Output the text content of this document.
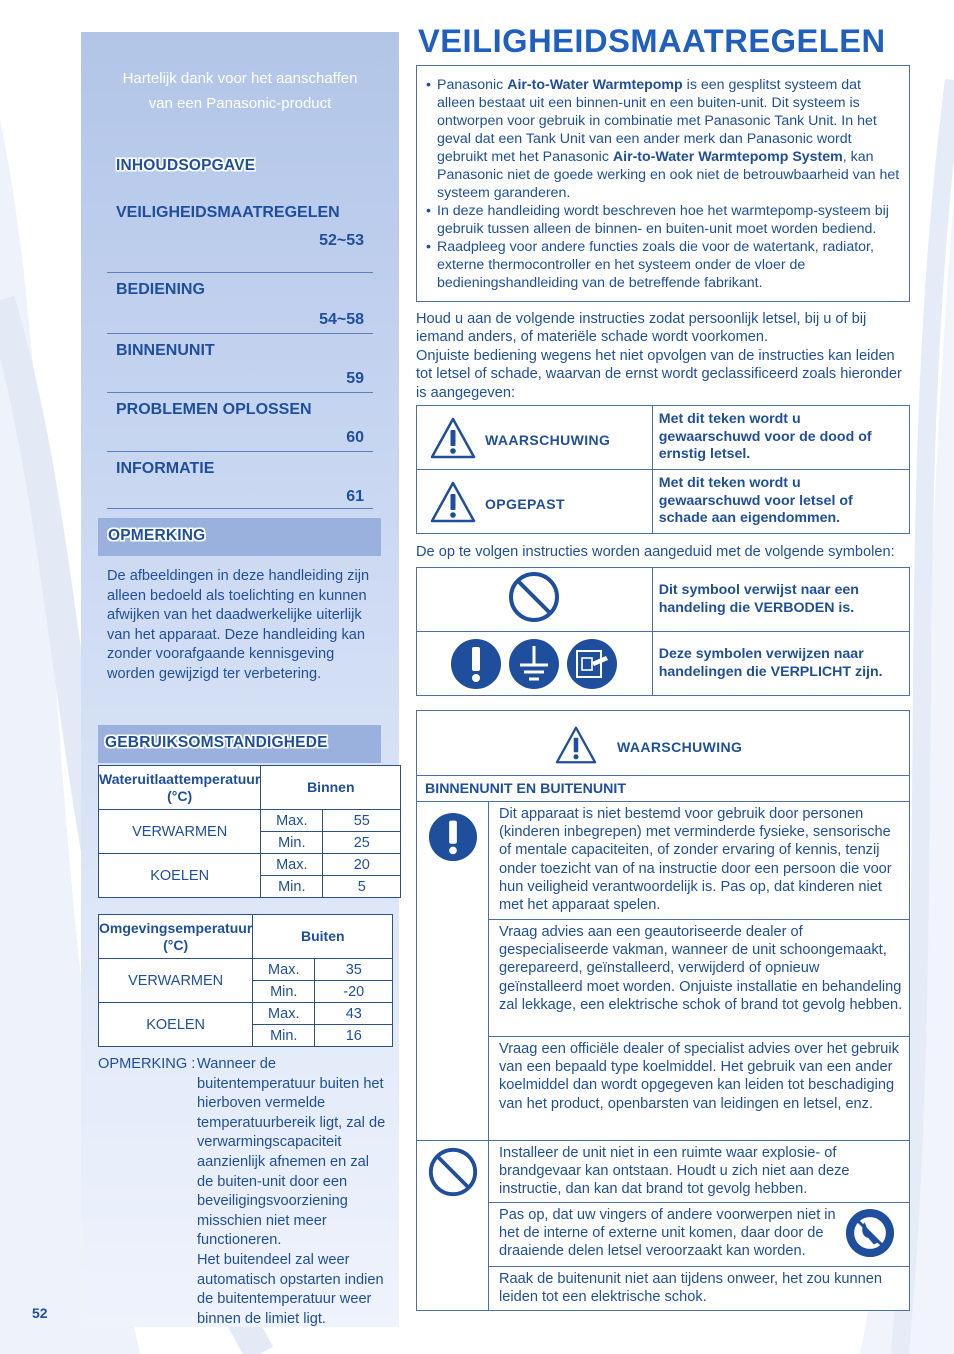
Hartelijk dank voor het aanschaffen
van een Panasonic-product
INHOUDSOPGAVE
VEILIGHEIDSMAATREGELEN
52~53
BEDIENING
54~58
BINNENUNIT
59
PROBLEMEN OPLOSSEN
60
INFORMATIE
61
OPMERKING
De afbeeldingen in deze handleiding zijn alleen bedoeld als toelichting en kunnen afwijken van het daadwerkelijke uiterlijk van het apparaat. Deze handleiding kan zonder voorafgaande kennisgeving worden gewijzigd ter verbetering.
GEBRUIKSOMSTANDIGHEDE
Wateruitlaattemperatuur (°C)	Binnen	
VERWARMEN	Max.	55
	Min.	25
KOELEN	Max.	20
	Min.	5
Omgevingsemperatuur (°C)	Buiten	
VERWARMEN	Max.	35
	Min.	-20
KOELEN	Max.	43
	Min.	16
OPMERKING : Wanneer de buitentemperatuur buiten het hierboven vermelde temperatuurbereik ligt, zal de verwarmingscapaciteit aanzienlijk afnemen en zal de buiten-unit door een beveiligingsvoorziening misschien niet meer functioneren.

Het buitendeel zal weer automatisch opstarten indien de buitentemperatuur weer binnen de limiet ligt.

52
VEILIGHEIDSMAATREGELEN
• Panasonic Air-to-Water Warmtepomp is een gesplitst systeem dat alleen bestaat uit een binnen-unit en een buiten-unit. Dit systeem is ontworpen voor gebruik in combinatie met Panasonic Tank Unit. In het geval dat een Tank Unit van een ander merk dan Panasonic wordt gebruikt met het Panasonic Air-to-Water Warmtepomp System, kan Panasonic niet de goede werking en ook niet de betrouwbaarheid van het systeem garanderen.
• In deze handleiding wordt beschreven hoe het warmtepomp-systeem bij gebruik tussen alleen de binnen- en buiten-unit moet worden bediend.
• Raadpleeg voor andere functies zoals die voor de watertank, radiator, externe thermocontroller en het systeem onder de vloer de bedieningshandleiding van de betreffende fabrikant.

Houd u aan de volgende instructies zodat persoonlijk letsel, bij u of bij iemand anders, of materiële schade wordt voorkomen.

Onjuiste bediening wegens het niet opvolgen van de instructies kan leiden tot letsel of schade, waarvan de ernst wordt geclassificeerd zoals hieronder is aangegeven:

WAARSCHUWING	Met dit teken wordt u gewaarschuwd voor de dood of ernstig letsel.

OPGEPAST	Met dit teken wordt u gewaarschuwd voor letsel of schade aan eigendommen.

De op te volgen instructies worden aangeduid met de volgende symbolen:

Dit symbool verwijst naar een handeling die VERBODEN is.

Deze symbolen verwijzen naar handelingen die VERPLICHT zijn.
WAARSCHUWING
BINNENUNIT EN BUITENUNIT

Dit apparaat is niet bestemd voor gebruik door personen (kinderen inbegrepen) met verminderde fysieke, sensorische of mentale capaciteiten, of zonder ervaring of kennis, tenzij onder toezicht van of na instructie door een persoon die voor hun veiligheid verantwoordelijk is. Pas op, dat kinderen niet met het apparaat spelen.

Vraag advies aan een geautoriseerde dealer of gespecialiseerde vakman, wanneer de unit schoongemaakt, gerepareerd, geïnstalleerd, verwijderd of opnieuw geïnstalleerd moet worden. Onjuiste installatie en behandeling zal lekkage, een elektrische schok of brand tot gevolg hebben.

Vraag een officiële dealer of specialist advies over het gebruik van een bepaald type koelmiddel. Het gebruik van een ander koelmiddel dan wordt opgegeven kan leiden tot beschadiging van het product, openbarsten van leidingen en letsel, enz.

Installeer de unit niet in een ruimte waar explosie- of brandgevaar kan ontstaan. Houdt u zich niet aan deze instructie, dan kan dat brand tot gevolg hebben.

Pas op, dat uw vingers of andere voorwerpen niet in het de interne of externe unit komen, daar door de draaiende delen letsel veroorzaakt kan worden.

Raak de buitenunit niet aan tijdens onweer, het zou kunnen leiden tot een elektrische schok.
